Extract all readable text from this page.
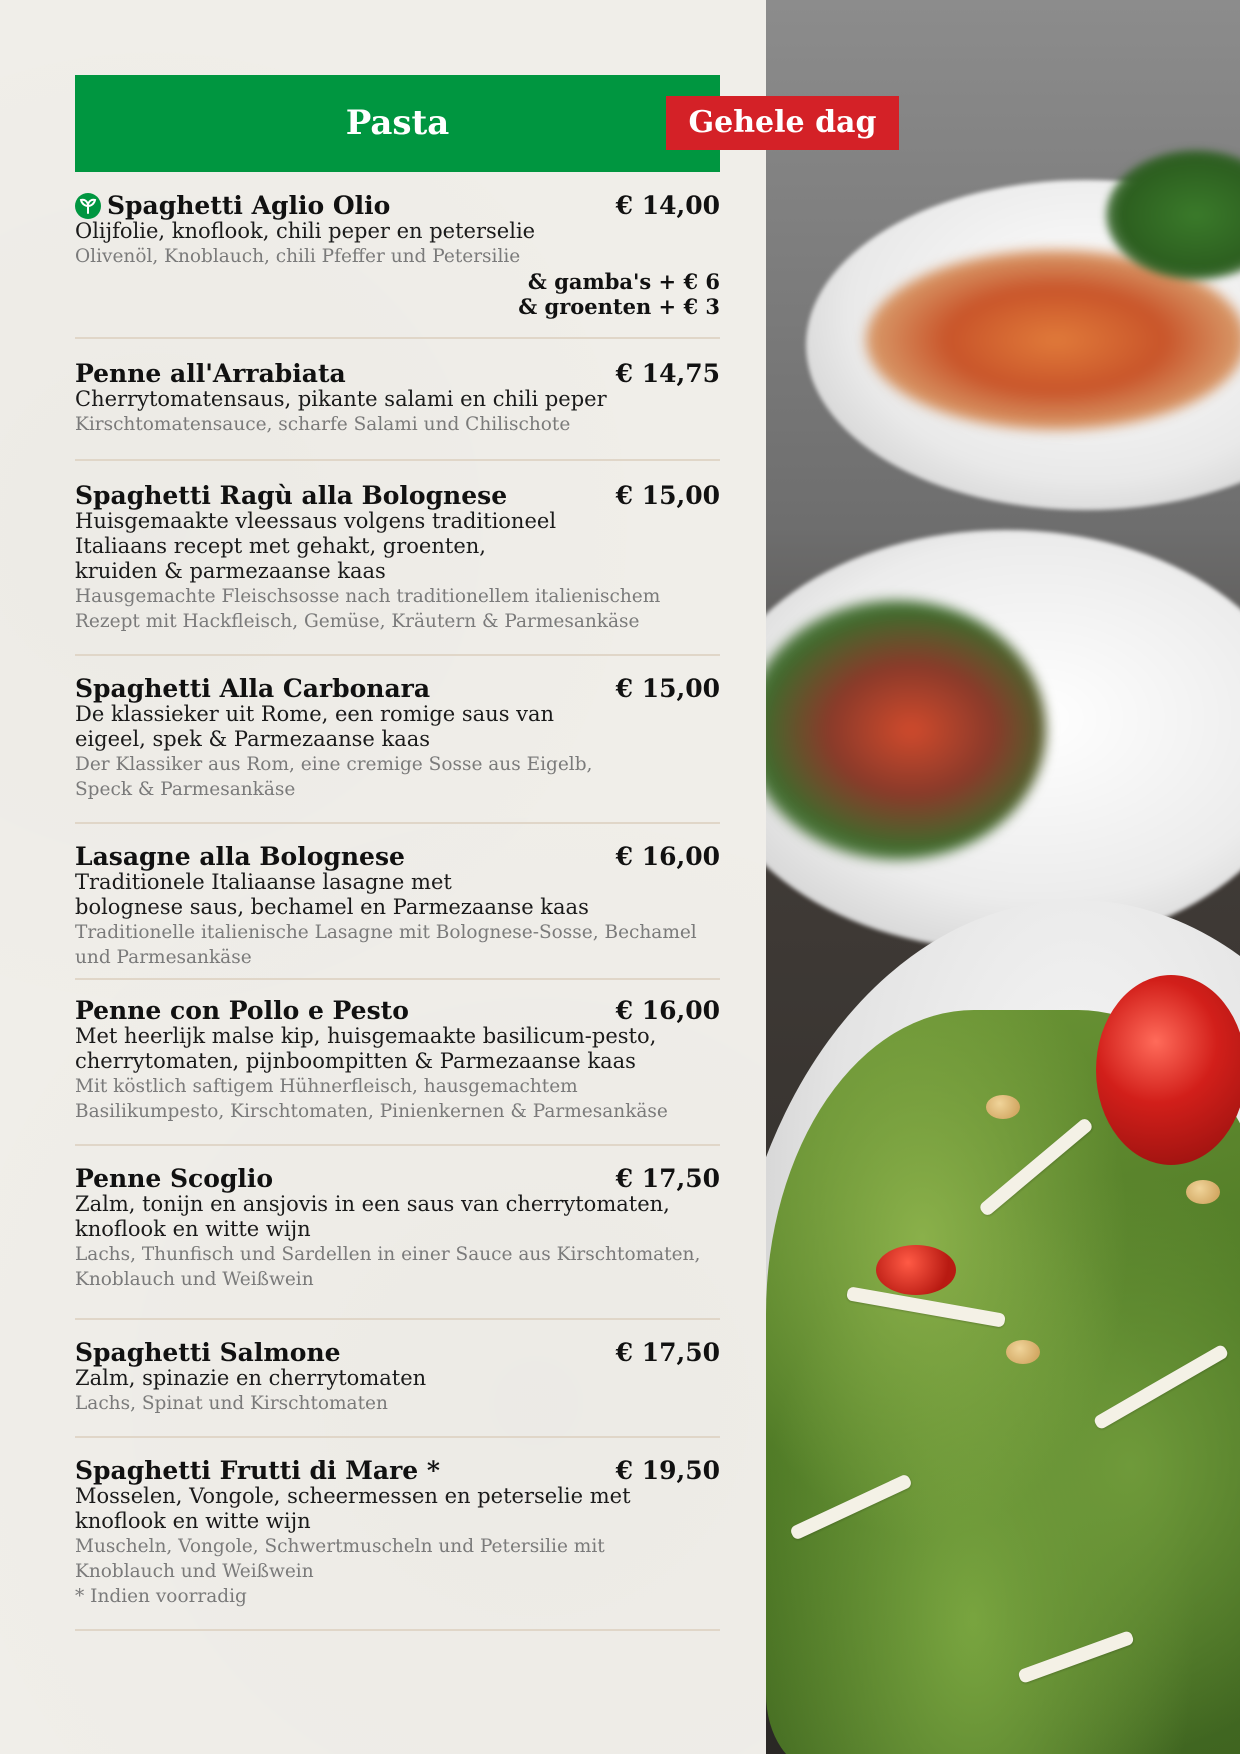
Pasta	Gehele dag
Spaghetti Aglio Olio	€ 14,00
Olijfolie, knoflook, chili peper en peterselie
Olivenöl, Knoblauch, chili Pfeffer und Petersilie
& gamba's + € 6
& groenten + € 3
Penne all'Arrabiata	€ 14,75
Cherrytomatensaus, pikante salami en chili peper
Kirschtomatensauce, scharfe Salami und Chilischote
Spaghetti Ragù alla Bolognese	€ 15,00
Huisgemaakte vleessaus volgens traditioneel
Italiaans recept met gehakt, groenten,
kruiden & parmezaanse kaas
Hausgemachte Fleischsosse nach traditionellem italienischem
Rezept mit Hackfleisch, Gemüse, Kräutern & Parmesankäse
Spaghetti Alla Carbonara	€ 15,00
De klassieker uit Rome, een romige saus van
eigeel, spek & Parmezaanse kaas
Der Klassiker aus Rom, eine cremige Sosse aus Eigelb,
Speck & Parmesankäse
Lasagne alla Bolognese	€ 16,00
Traditionele Italiaanse lasagne met
bolognese saus, bechamel en Parmezaanse kaas
Traditionelle italienische Lasagne mit Bolognese-Sosse, Bechamel
und Parmesankäse
Penne con Pollo e Pesto	€ 16,00
Met heerlijk malse kip, huisgemaakte basilicum-pesto,
cherrytomaten, pijnboompitten & Parmezaanse kaas
Mit köstlich saftigem Hühnerfleisch, hausgemachtem
Basilikumpesto, Kirschtomaten, Pinienkernen & Parmesankäse
Penne Scoglio	€ 17,50
Zalm, tonijn en ansjovis in een saus van cherrytomaten,
knoflook en witte wijn
Lachs, Thunfisch und Sardellen in einer Sauce aus Kirschtomaten,
Knoblauch und Weißwein
Spaghetti Salmone	€ 17,50
Zalm, spinazie en cherrytomaten
Lachs, Spinat und Kirschtomaten
Spaghetti Frutti di Mare *	€ 19,50
Mosselen, Vongole, scheermessen en peterselie met
knoflook en witte wijn
Muscheln, Vongole, Schwertmuscheln und Petersilie mit
Knoblauch und Weißwein
* Indien voorradig
